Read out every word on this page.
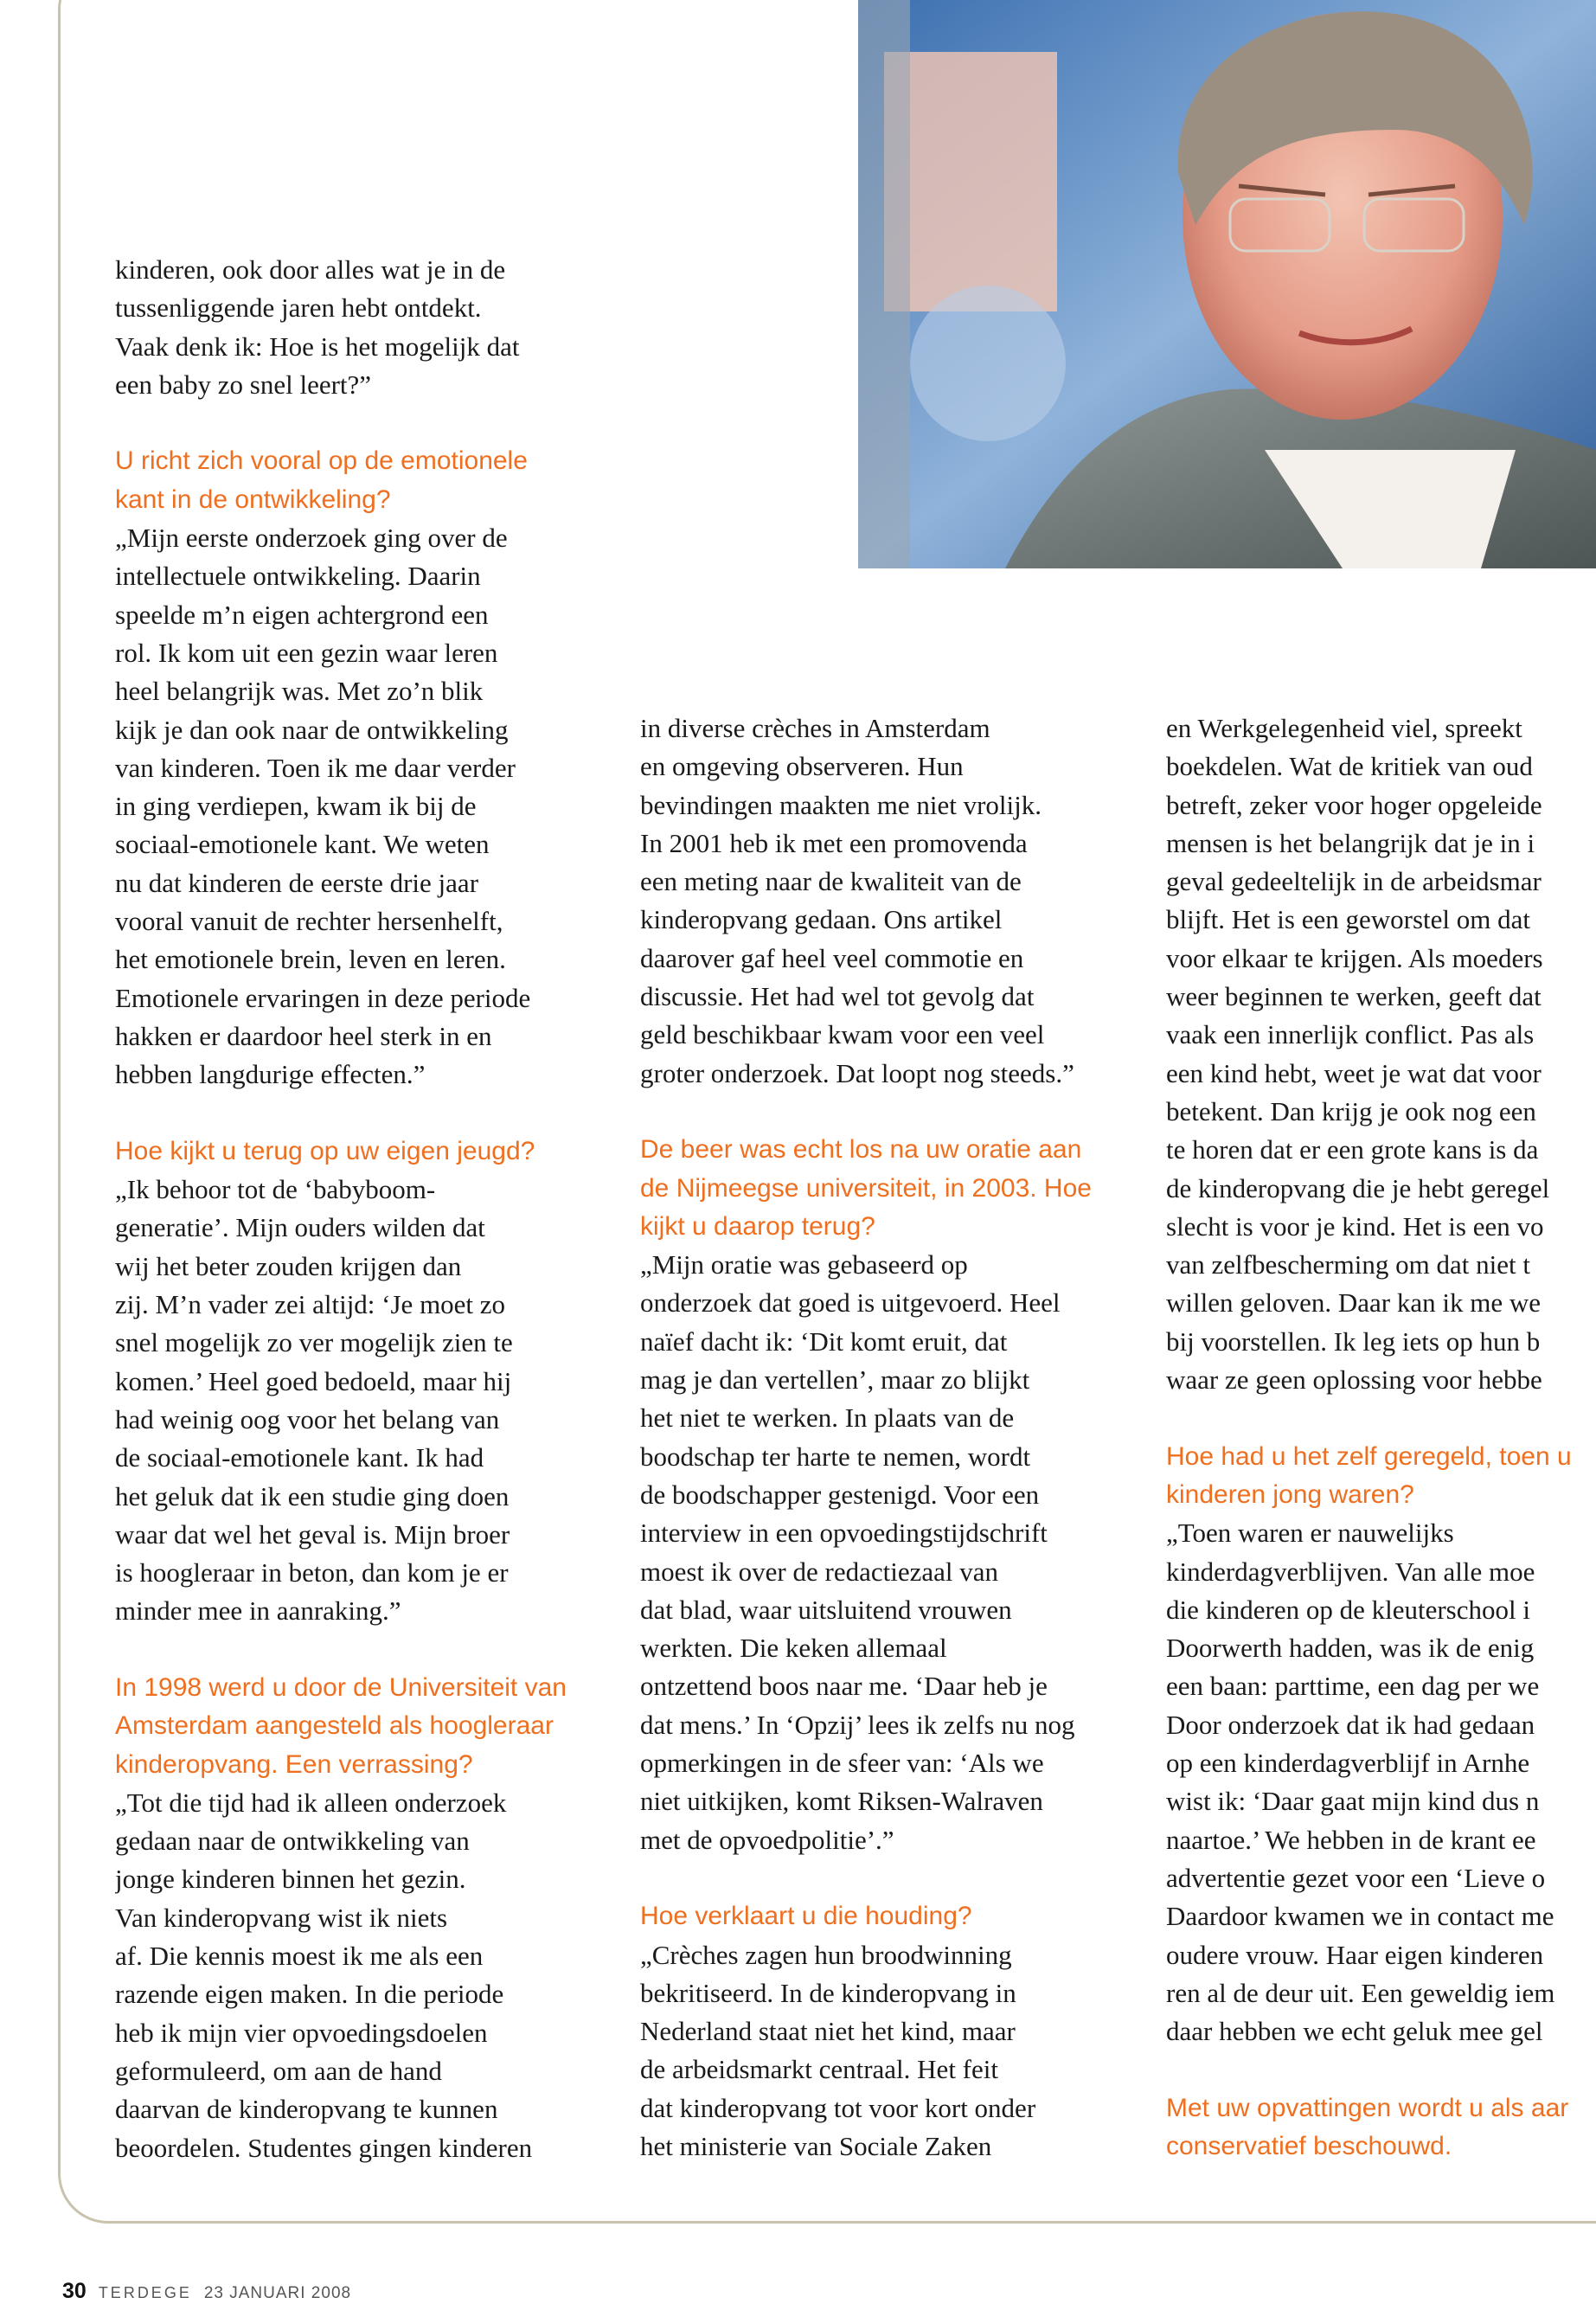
kinderen, ook door alles wat je in de
tussenliggende jaren hebt ontdekt.
Vaak denk ik: Hoe is het mogelijk dat
een baby zo snel leert?”
U richt zich vooral op de emotionele
kant in de ontwikkeling?
„Mijn eerste onderzoek ging over de
intellectuele ontwikkeling. Daarin
speelde m’n eigen achtergrond een
rol. Ik kom uit een gezin waar leren
heel belangrijk was. Met zo’n blik
kijk je dan ook naar de ontwikkeling
van kinderen. Toen ik me daar verder
in ging verdiepen, kwam ik bij de
sociaal-emotionele kant. We weten
nu dat kinderen de eerste drie jaar
vooral vanuit de rechter hersenhelft,
het emotionele brein, leven en leren.
Emotionele ervaringen in deze periode
hakken er daardoor heel sterk in en
hebben langdurige effecten.”
Hoe kijkt u terug op uw eigen jeugd?
„Ik behoor tot de ‘babyboom-
generatie’. Mijn ouders wilden dat
wij het beter zouden krijgen dan
zij. M’n vader zei altijd: ‘Je moet zo
snel mogelijk zo ver mogelijk zien te
komen.’ Heel goed bedoeld, maar hij
had weinig oog voor het belang van
de sociaal-emotionele kant. Ik had
het geluk dat ik een studie ging doen
waar dat wel het geval is. Mijn broer
is hoogleraar in beton, dan kom je er
minder mee in aanraking.”
In 1998 werd u door de Universiteit van
Amsterdam aangesteld als hoogleraar
kinderopvang. Een verrassing?
„Tot die tijd had ik alleen onderzoek
gedaan naar de ontwikkeling van
jonge kinderen binnen het gezin.
Van kinderopvang wist ik niets
af. Die kennis moest ik me als een
razende eigen maken. In die periode
heb ik mijn vier opvoedingsdoelen
geformuleerd, om aan de hand
daarvan de kinderopvang te kunnen
beoordelen. Studentes gingen kinderen
in diverse crèches in Amsterdam
en omgeving observeren. Hun
bevindingen maakten me niet vrolijk.
In 2001 heb ik met een promovenda
een meting naar de kwaliteit van de
kinderopvang gedaan. Ons artikel
daarover gaf heel veel commotie en
discussie. Het had wel tot gevolg dat
geld beschikbaar kwam voor een veel
groter onderzoek. Dat loopt nog steeds.”
De beer was echt los na uw oratie aan
de Nijmeegse universiteit, in 2003. Hoe
kijkt u daarop terug?
„Mijn oratie was gebaseerd op
onderzoek dat goed is uitgevoerd. Heel
naïef dacht ik: ‘Dit komt eruit, dat
mag je dan vertellen’, maar zo blijkt
het niet te werken. In plaats van de
boodschap ter harte te nemen, wordt
de boodschapper gestenigd. Voor een
interview in een opvoedingstijdschrift
moest ik over de redactiezaal van
dat blad, waar uitsluitend vrouwen
werkten. Die keken allemaal
ontzettend boos naar me. ‘Daar heb je
dat mens.’ In ‘Opzij’ lees ik zelfs nu nog
opmerkingen in de sfeer van: ‘Als we
niet uitkijken, komt Riksen-Walraven
met de opvoedpolitie’.”
Hoe verklaart u die houding?
„Crèches zagen hun broodwinning
bekritiseerd. In de kinderopvang in
Nederland staat niet het kind, maar
de arbeidsmarkt centraal. Het feit
dat kinderopvang tot voor kort onder
het ministerie van Sociale Zaken
en Werkgelegenheid viel, spreekt
boekdelen. Wat de kritiek van oud
betreft, zeker voor hoger opgeleide
mensen is het belangrijk dat je in i
geval gedeeltelijk in de arbeidsmar
blijft. Het is een geworstel om dat
voor elkaar te krijgen. Als moeders
weer beginnen te werken, geeft dat
vaak een innerlijk conflict. Pas als
een kind hebt, weet je wat dat voor
betekent. Dan krijg je ook nog een
te horen dat er een grote kans is da
de kinderopvang die je hebt geregel
slecht is voor je kind. Het is een vo
van zelfbescherming om dat niet t
willen geloven. Daar kan ik me we
bij voorstellen. Ik leg iets op hun b
waar ze geen oplossing voor hebbe
Hoe had u het zelf geregeld, toen u
kinderen jong waren?
„Toen waren er nauwelijks
kinderdagverblijven. Van alle moe
die kinderen op de kleuterschool i
Doorwerth hadden, was ik de enig
een baan: parttime, een dag per we
Door onderzoek dat ik had gedaan
op een kinderdagverblijf in Arnhe
wist ik: ‘Daar gaat mijn kind dus n
naartoe.’ We hebben in de krant ee
advertentie gezet voor een ‘Lieve o
Daardoor kwamen we in contact me
oudere vrouw. Haar eigen kinderen
ren al de deur uit. Een geweldig iem
daar hebben we echt geluk mee gel
Met uw opvattingen wordt u als aar
conservatief beschouwd.
30 TERDEGE 23 JANUARI 2008
